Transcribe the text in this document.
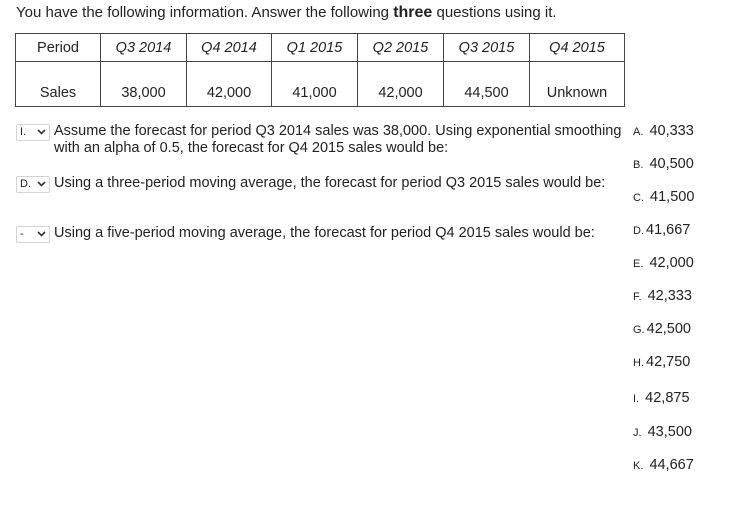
You have the following information. Answer the following three questions using it.
Period	Q3 2014	Q4 2014	Q1 2015	Q2 2015	Q3 2015	Q4 2015

Sales	38,000	42,000	41,000	42,000	44,500	Unknown
I. Assume the forecast for period Q3 2014 sales was 38,000. Using exponential smoothing with an alpha of 0.5, the forecast for Q4 2015 sales would be:
D. Using a three-period moving average, the forecast for period Q3 2015 sales would be:
- Using a five-period moving average, the forecast for period Q4 2015 sales would be:
A. 40,333
B. 40,500
C. 41,500
D. 41,667
E. 42,000
F. 42,333
G. 42,500
H. 42,750
I. 42,875
J. 43,500
K. 44,667
